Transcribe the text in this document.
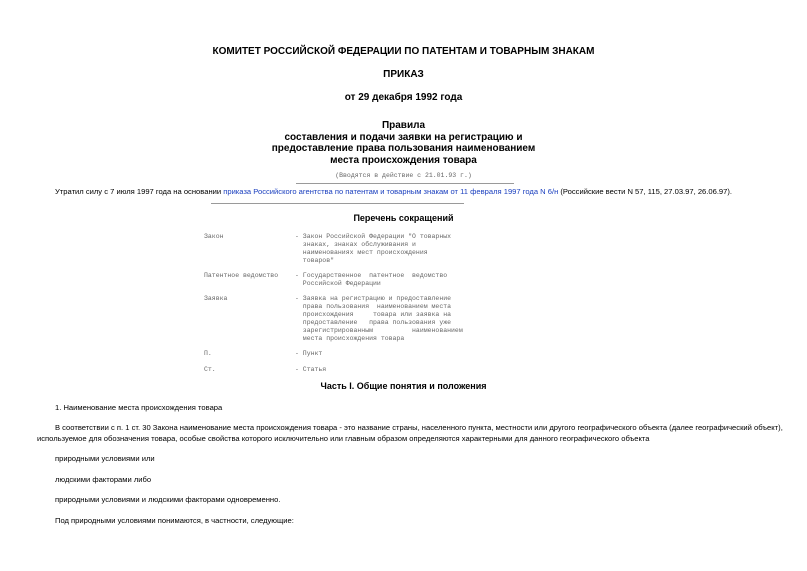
КОМИТЕТ РОССИЙСКОЙ ФЕДЕРАЦИИ ПО ПАТЕНТАМ И ТОВАРНЫМ ЗНАКАМ
ПРИКАЗ
от 29 декабря 1992 года
Правила
составления и подачи заявки на регистрацию и
предоставление права пользования наименованием
места происхождения товара
(Вводятся в действие с 21.01.93 г.)
Утратил силу с 7 июля 1997 года на основании приказа Российского агентства по патентам и товарным знакам от 11 февраля 1997 года N 6/н (Российские вести N 57, 115, 27.03.97, 26.06.97).
Перечень сокращений
Закон	- Закон Российской Федерации "О товарных
знаках, знаках обслуживания и
наименованиях мест происхождения
товаров"
Патентное ведомство	- Государственное  патентное  ведомство
Российской Федерации
Заявка	- Заявка на регистрацию и предоставление
права пользования  наименованием места
происхождения     товара или заявка на
предоставление   права пользования уже
зарегистрированным          наименованием
места происхождения товара
П.	- Пункт
Ст.	- Статья
Часть I. Общие понятия и положения
1. Наименование места происхождения товара
В соответствии с п. 1 ст. 30 Закона наименование места происхождения товара - это название страны, населенного пункта, местности или другого географического объекта (далее географический объект),
используемое для обозначения товара, особые свойства которого исключительно или главным образом определяются характерными для данного географического объекта
природными условиями или
людскими факторами либо
природными условиями и людскими факторами одновременно.
Под природными условиями понимаются, в частности, следующие:
